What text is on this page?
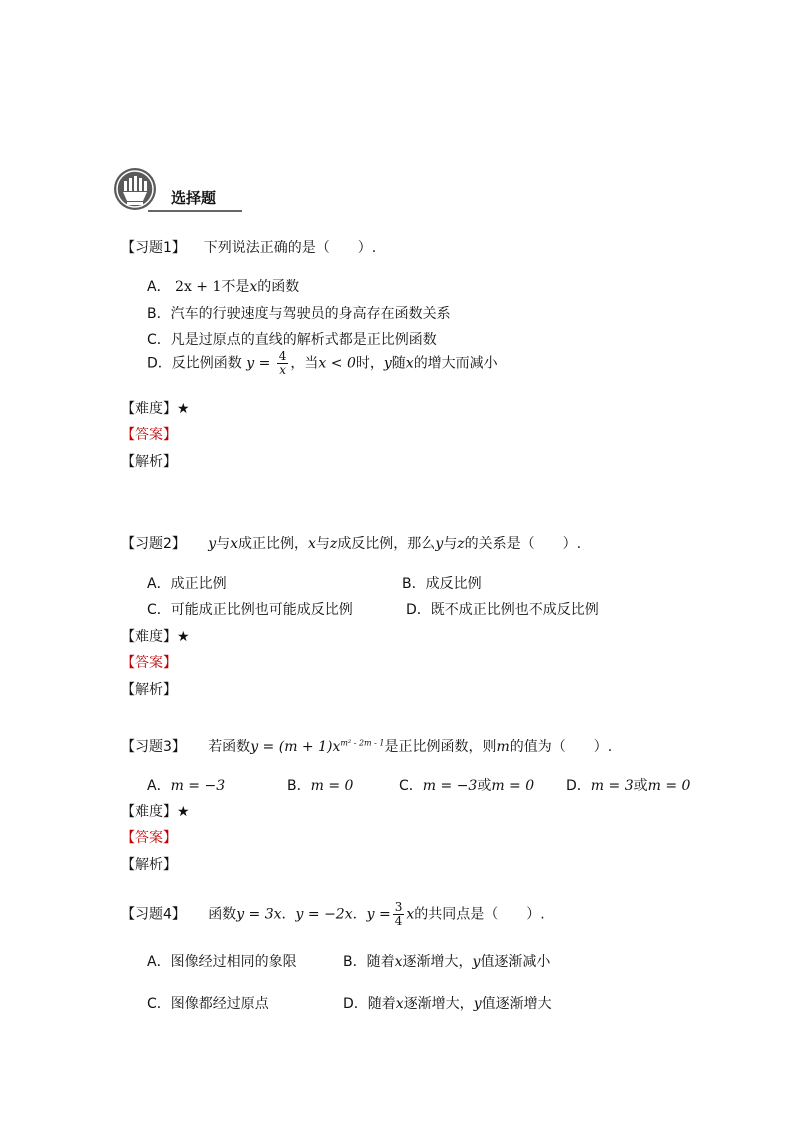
选择题
【习题1】 下列说法正确的是（　　）.
A． 2x + 1不是x的函数
B．汽车的行驶速度与驾驶员的身高存在函数关系
C．凡是过原点的直线的解析式都是正比例函数
D．反比例函数 $y = \frac{4}{x}$ ，当x < 0时，y随x的增大而减小
【难度】★
【答案】
【解析】
【习题2】 y与x成正比例，x与z成反比例，那么y与z的关系是（　　）.
A．成正比例	B．成反比例
C．可能成正比例也可能成反比例	D．既不成正比例也不成反比例
【难度】★
【答案】
【解析】
【习题3】 若函数$y = (m + 1)x^{m^2 - 2m - 1}$是正比例函数，则m的值为（　　）.
A．m = −3	B．m = 0	C．m = −3或m = 0 D．m = 3或m = 0
【难度】★
【答案】
【解析】
【习题4】 函数y = 3x．y = −2x．$y = \frac{3}{4}$ x的共同点是（　　）.
A．图像经过相同的象限	B．随着x逐渐增大，y值逐渐减小
C．图像都经过原点	D．随着x逐渐增大，y值逐渐增大
